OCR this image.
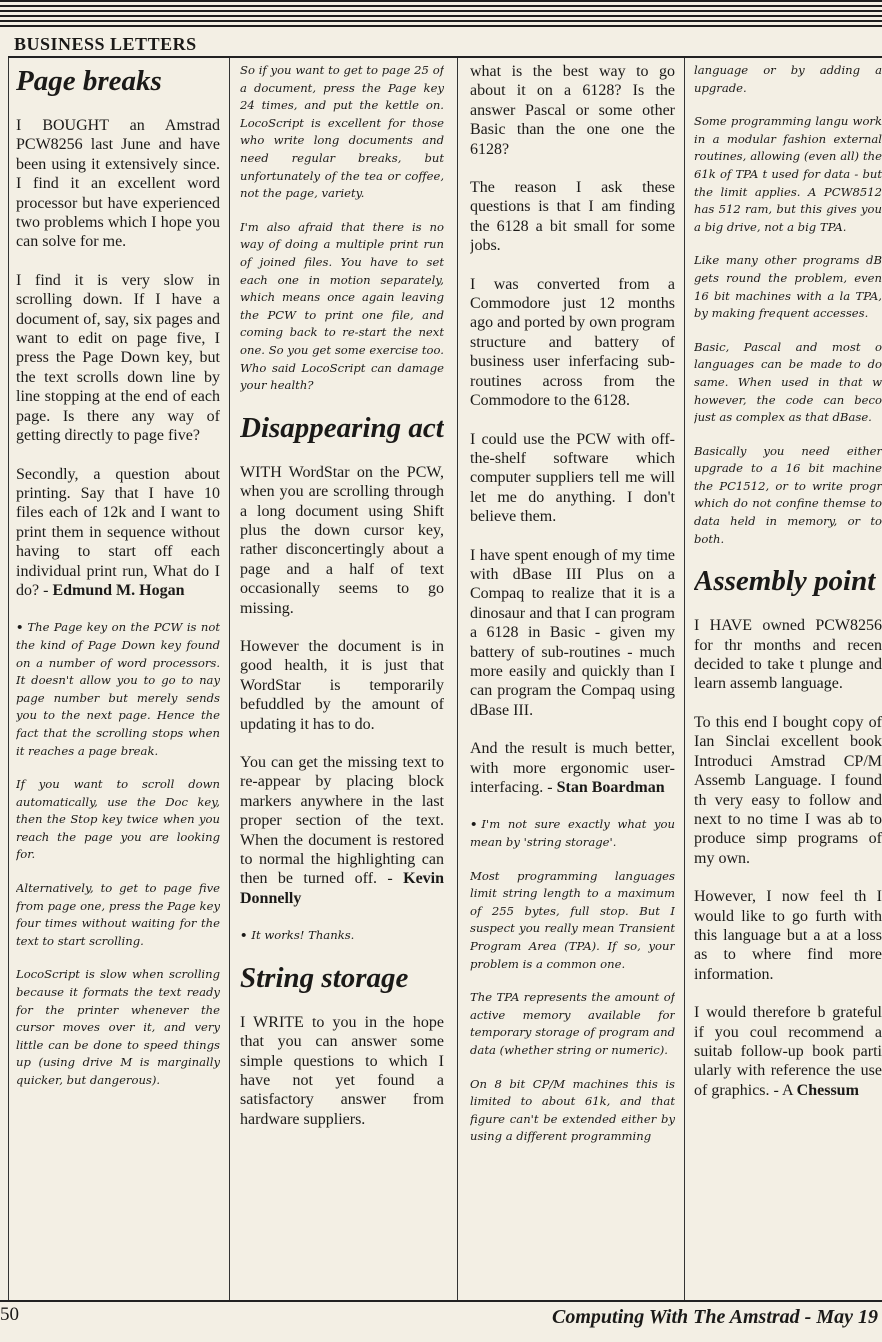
BUSINESS LETTERS
Page breaks

I BOUGHT an Amstrad PCW8256 last June and have been using it extensively since. I find it an excellent word processor but have experienced two problems which I hope you can solve for me.

I find it is very slow in scrolling down. If I have a document of, say, six pages and want to edit on page five, I press the Page Down key, but the text scrolls down line by line stopping at the end of each page. Is there any way of getting directly to page five?

Secondly, a question about printing. Say that I have 10 files each of 12k and I want to print them in sequence without having to start off each individual print run, What do I do? - Edmund M. Hogan

• The Page key on the PCW is not the kind of Page Down key found on a number of word processors. It doesn't allow you to go to nay page number but merely sends you to the next page. Hence the fact that the scrolling stops when it reaches a page break.

If you want to scroll down automatically, use the Doc key, then the Stop key twice when you reach the page you are looking for.

Alternatively, to get to page five from page one, press the Page key four times without waiting for the text to start scrolling.

LocoScript is slow when scrolling because it formats the text ready for the printer whenever the cursor moves over it, and very little can be done to speed things up (using drive M is marginally quicker, but dangerous).

So if you want to get to page 25 of a document, press the Page key 24 times, and put the kettle on. LocoScript is excellent for those who write long documents and need regular breaks, but unfortunately of the tea or coffee, not the page, variety.

I'm also afraid that there is no way of doing a multiple print run of joined files. You have to set each one in motion separately, which means once again leaving the PCW to print one file, and coming back to re-start the next one. So you get some exercise too. Who said LocoScript can damage your health?

Disappearing act

WITH WordStar on the PCW, when you are scrolling through a long document using Shift plus the down cursor key, rather disconcertingly about a page and a half of text occasionally seems to go missing.

However the document is in good health, it is just that WordStar is temporarily befuddled by the amount of updating it has to do.

You can get the missing text to re-appear by placing block markers anywhere in the last proper section of the text. When the document is restored to normal the highlighting can then be turned off. - Kevin Donnelly

• It works! Thanks.

String storage

I WRITE to you in the hope that you can answer some simple questions to which I have not yet found a satisfactory answer from hardware suppliers.

what is the best way to go about it on a 6128? Is the answer Pascal or some other Basic than the one one the 6128?

The reason I ask these questions is that I am finding the 6128 a bit small for some jobs.

I was converted from a Commodore just 12 months ago and ported by own program structure and battery of business user inferfacing sub-routines across from the Commodore to the 6128.

I could use the PCW with off-the-shelf software which computer suppliers tell me will let me do anything. I don't believe them.

I have spent enough of my time with dBase III Plus on a Compaq to realize that it is a dinosaur and that I can program a 6128 in Basic - given my battery of sub-routines - much more easily and quickly than I can program the Compaq using dBase III.

And the result is much better, with more ergonomic user-interfacing. - Stan Boardman

• I'm not sure exactly what you mean by 'string storage'.

Most programming languages limit string length to a maximum of 255 bytes, full stop. But I suspect you really mean Transient Program Area (TPA). If so, your problem is a common one.

The TPA represents the amount of active memory available for temporary storage of program and data (whether string or numeric).

On 8 bit CP/M machines this is limited to about 61k, and that figure can't be extended either by using a different programming

language or by adding a upgrade.

Some programming langu work in a modular fashion external routines, allowing (even all) the 61k of TPA t used for data - but the limit applies. A PCW8512 has 512 ram, but this gives you a big drive, not a big TPA.

Like many other programs dB gets round the problem, even 16 bit machines with a la TPA, by making frequent accesses.

Basic, Pascal and most o languages can be made to do same. When used in that w however, the code can beco just as complex as that dBase.

Basically you need either upgrade to a 16 bit machine the PC1512, or to write progr which do not confine themse to data held in memory, or to both.

Assembly point

I HAVE owned PCW8256 for thr months and recen decided to take t plunge and learn assemb language.

To this end I bought copy of Ian Sinclai excellent book Introduci Amstrad CP/M Assemb Language. I found th very easy to follow and next to no time I was ab to produce simp programs of my own.

However, I now feel th I would like to go furth with this language but a at a loss as to where find more information.

I would therefore b grateful if you coul recommend a suitab follow-up book parti ularly with reference the use of graphics. - A Chessum

50	Computing With The Amstrad - May 19
